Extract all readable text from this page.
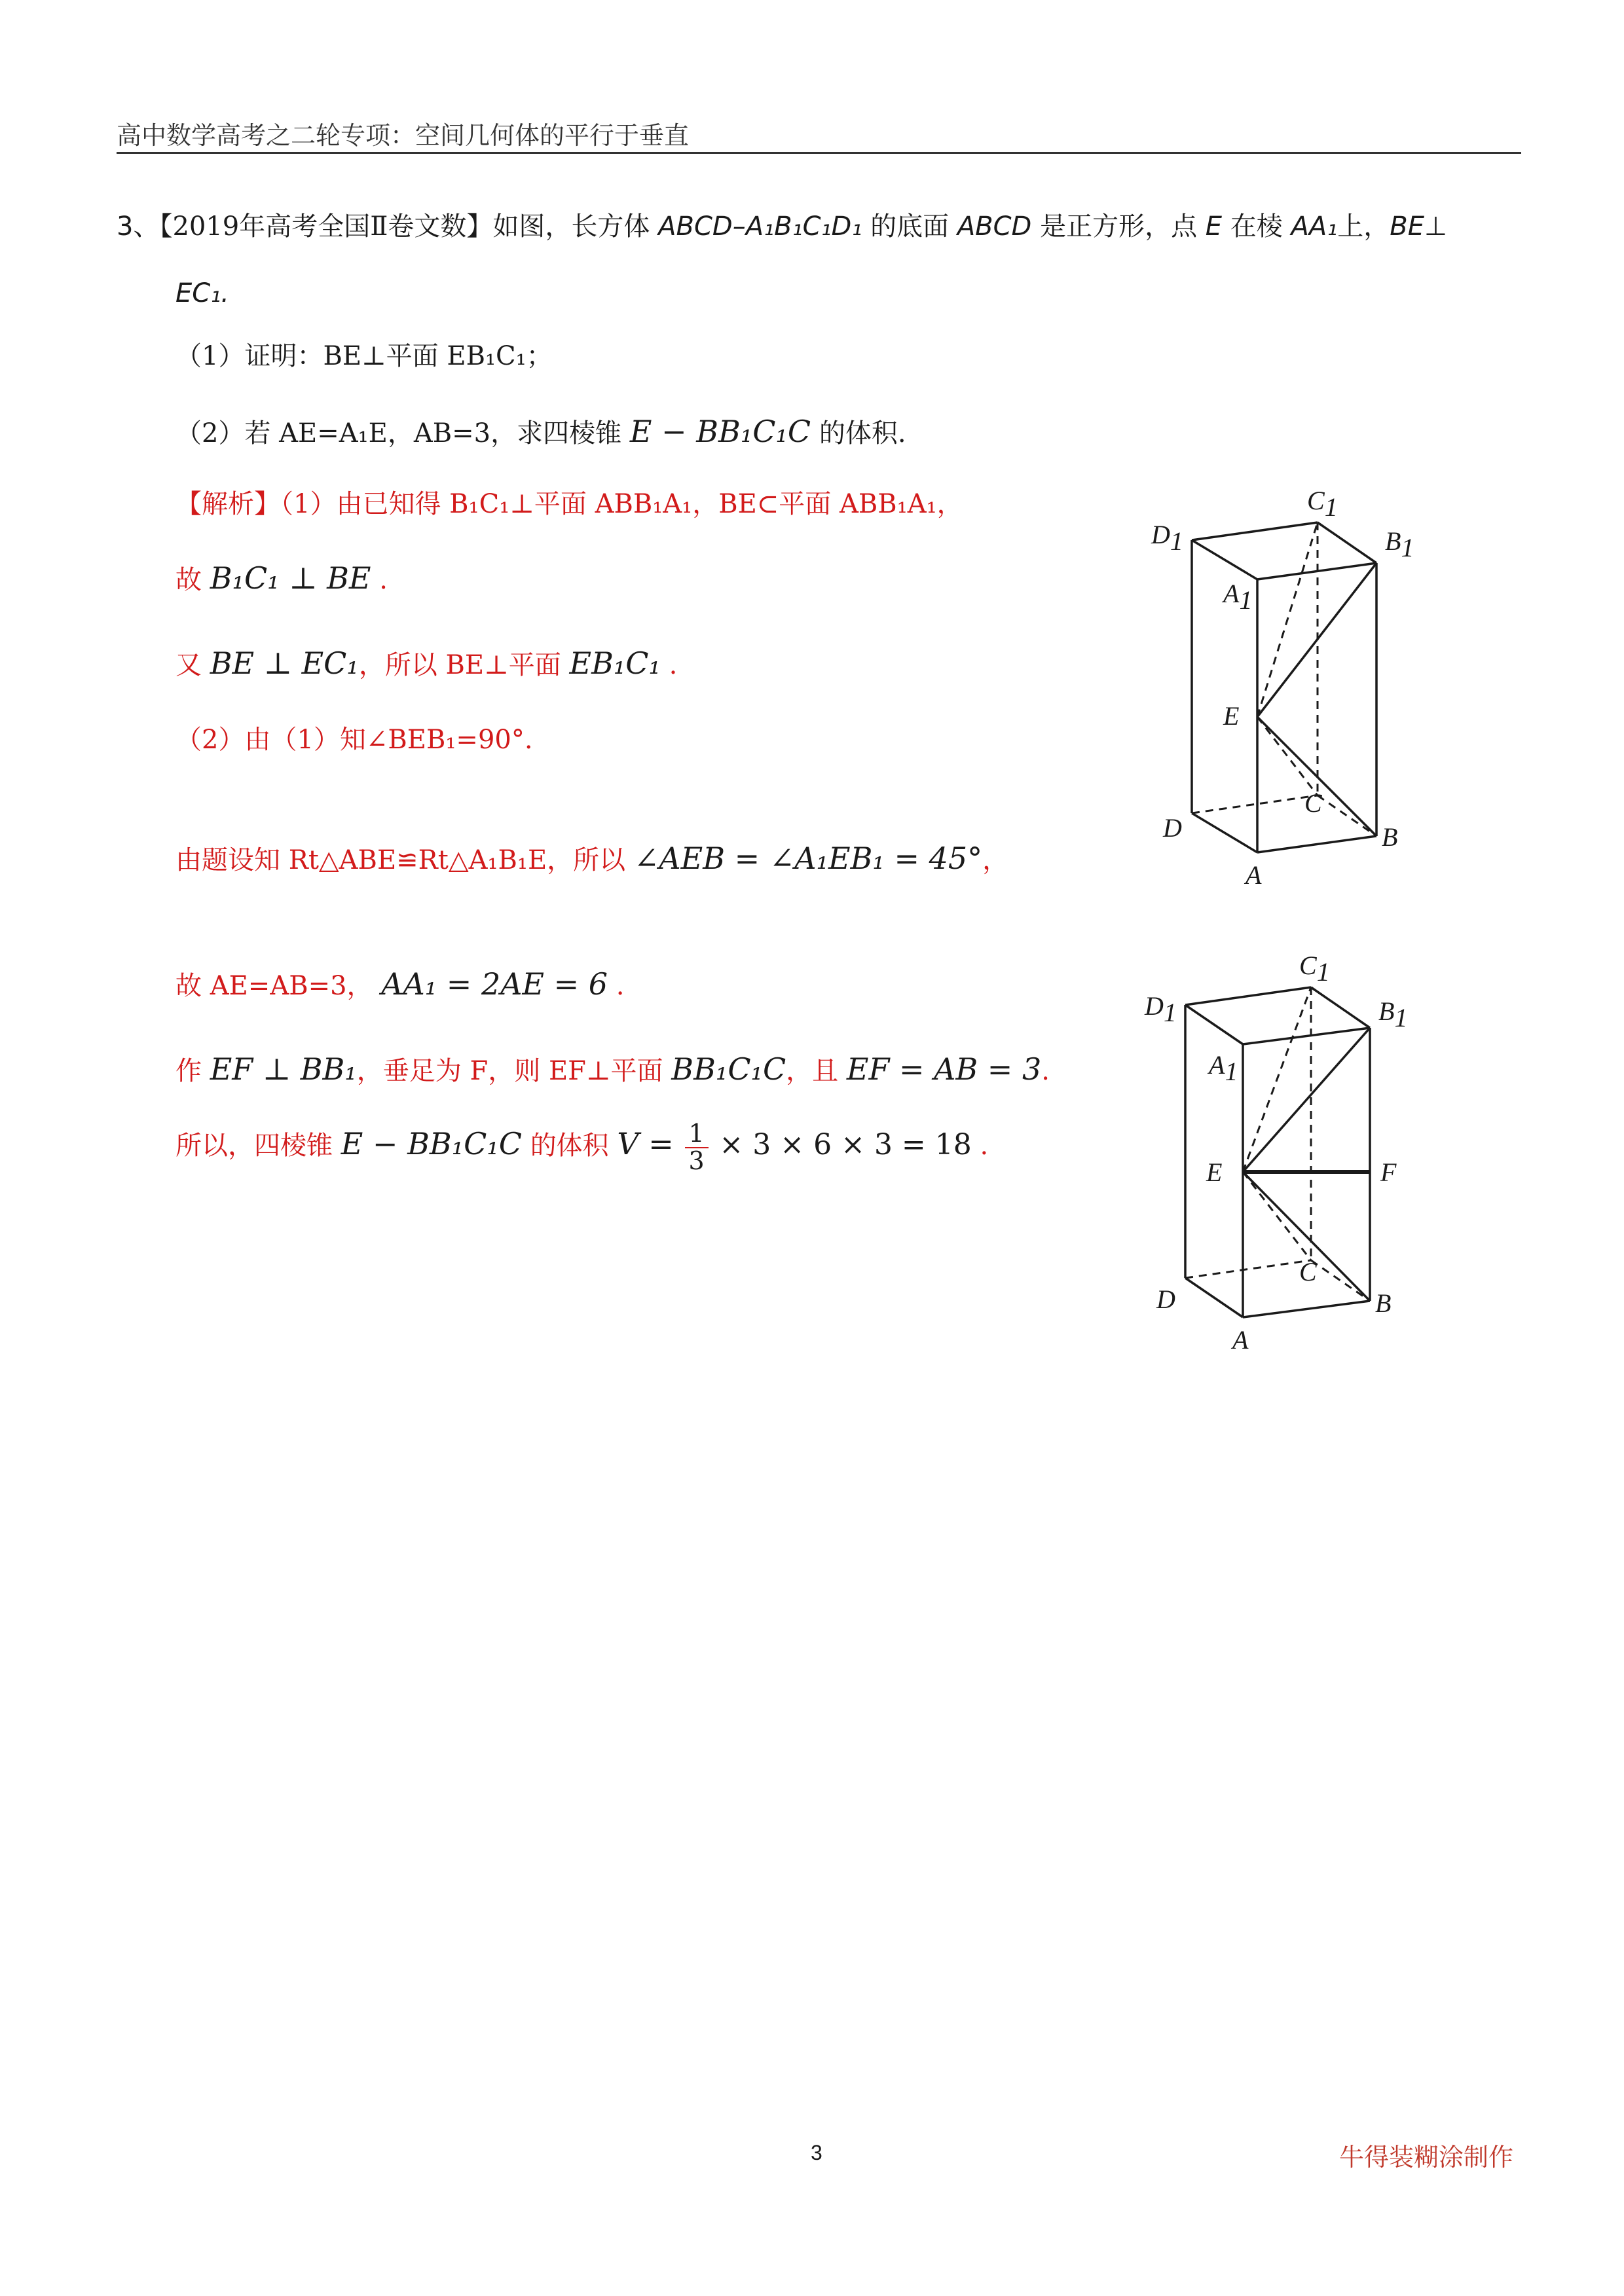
高中数学高考之二轮专项：空间几何体的平行于垂直
3、【2019年高考全国Ⅱ卷文数】如图，长方体 ABCD–A₁B₁C₁D₁ 的底面 ABCD 是正方形，点 E 在棱 AA₁上，BE⊥
EC₁.
（1）证明：BE⊥平面 EB₁C₁；
（2）若 AE=A₁E，AB=3，求四棱锥 E − BB₁C₁C 的体积.
【解析】（1）由已知得 B₁C₁⊥平面 ABB₁A₁，BE⊂平面 ABB₁A₁，
故 B₁C₁ ⊥ BE .
又 BE ⊥ EC₁，所以 BE⊥平面 EB₁C₁ .
（2）由（1）知∠BEB₁=90°.
由题设知 Rt△ABE≌Rt△A₁B₁E，所以 ∠AEB = ∠A₁EB₁ = 45°，
故 AE=AB=3， AA₁ = 2AE = 6 .
作 EF ⊥ BB₁，垂足为 F，则 EF⊥平面 BB₁C₁C，且 EF = AB = 3.
所以，四棱锥 E − BB₁C₁C 的体积 $V = \frac{1}{3} \times 3 \times 6 \times 3 = 18$ .
C1
D1	B1
A1
E
C
D	B
A
C1
D1	B1
A1
E	F
C
D	B
A
3	牛得装糊涂制作
